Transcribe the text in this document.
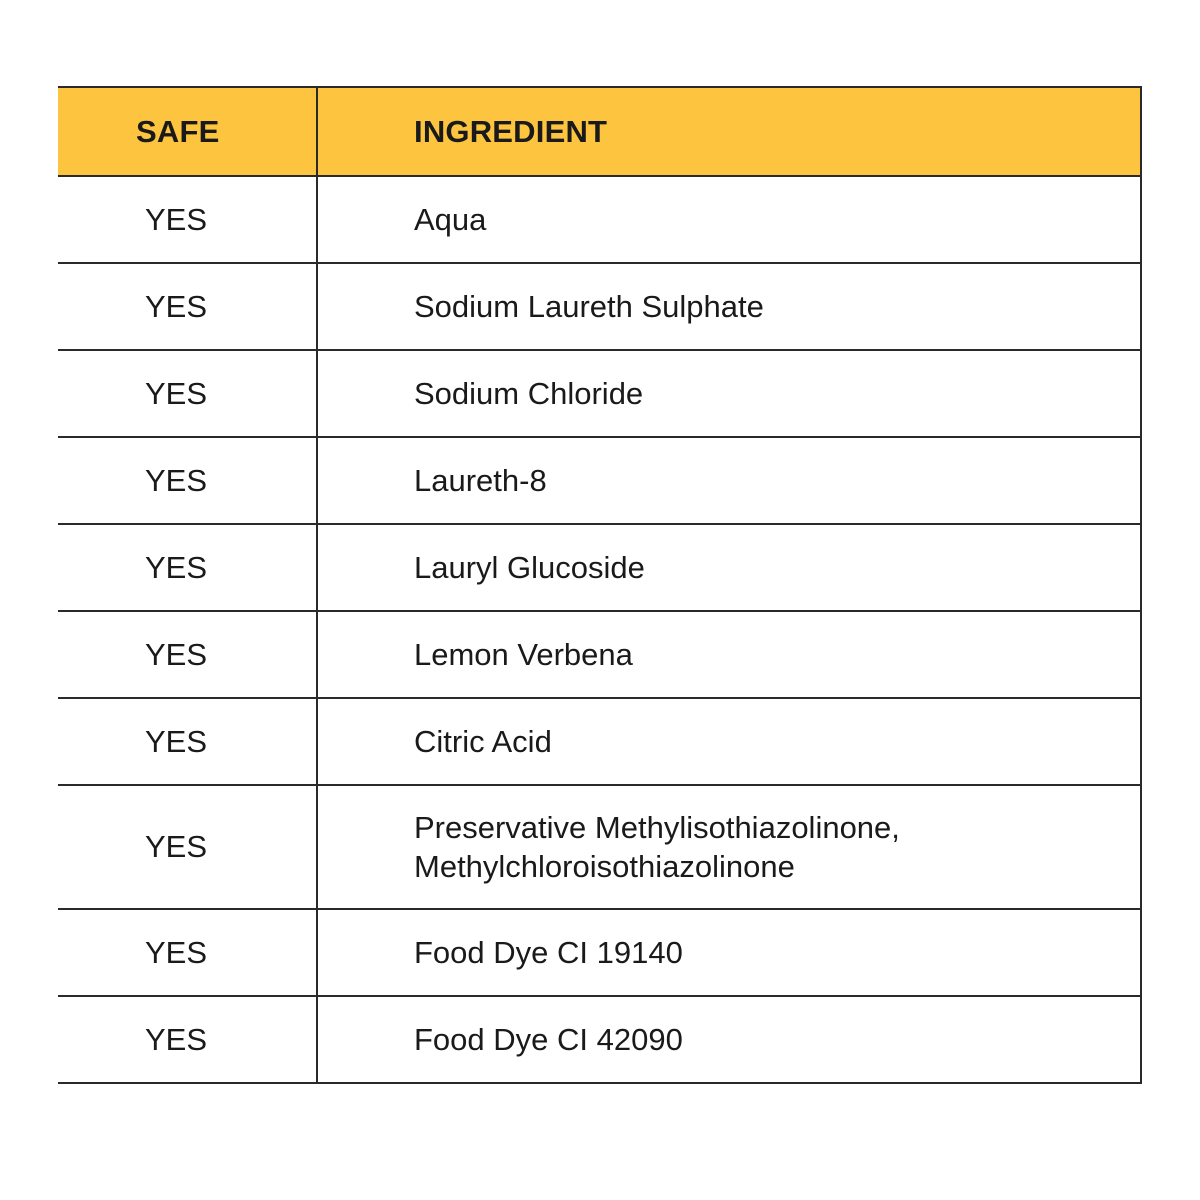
SAFE	INGREDIENT
YES	Aqua
YES	Sodium Laureth Sulphate
YES	Sodium Chloride
YES	Laureth-8
YES	Lauryl Glucoside
YES	Lemon Verbena
YES	Citric Acid
YES	Preservative Methylisothiazolinone,
Methylchloroisothiazolinone

YES	Food Dye CI 19140
YES	Food Dye CI 42090
